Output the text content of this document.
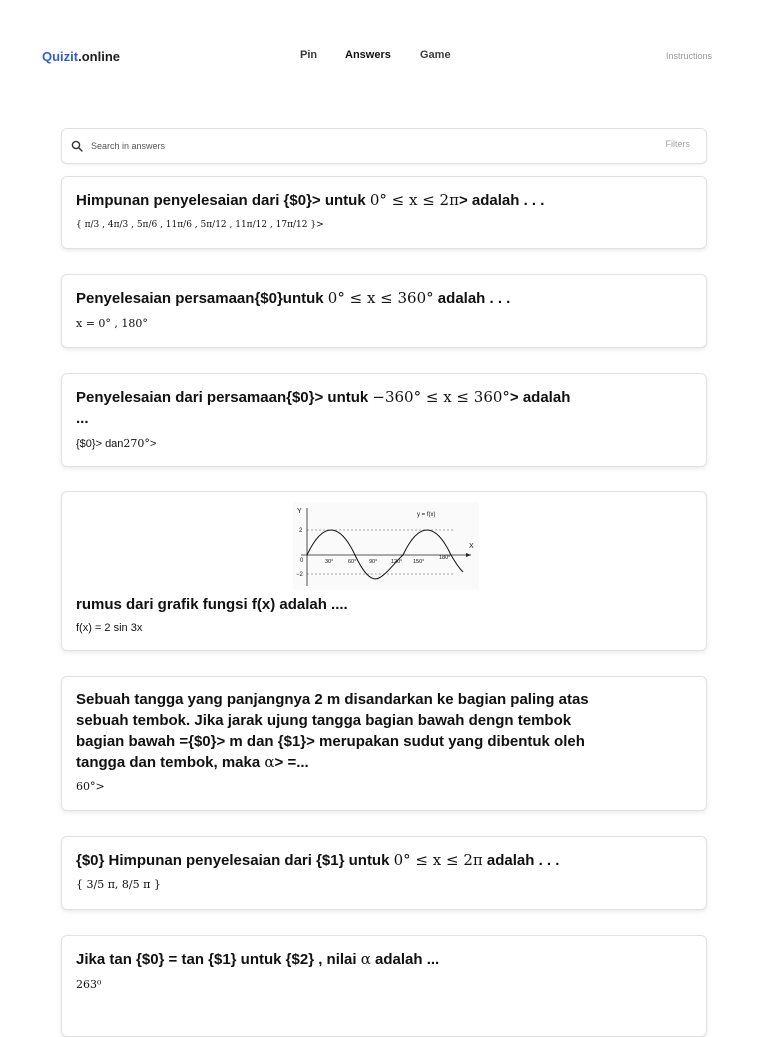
Quizit.online	Pin	Answers	Game	Instructions
Search in answers
Filters
Himpunan penyelesaian dari {$0}> untuk 0° ≤ x ≤ 2π> adalah . . .
{ π/3 , 4π/3 , 5π/6 , 11π/6 , 5π/12 , 11π/12 , 17π/12 }>
Penyelesaian persamaan{$0}untuk 0° ≤ x ≤ 360° adalah . . .
x = 0° , 180°
Penyelesaian dari persamaan{$0}> untuk −360° ≤ x ≤ 360°> adalah
...
{$0}> dan270°>
Y
X
y = f(x)
2
0
−2
30°	60° 90° 120° 150°
180°
rumus dari grafik fungsi f(x) adalah ....
f(x) = 2 sin 3x
Sebuah tangga yang panjangnya 2 m disandarkan ke bagian paling atas
sebuah tembok. Jika jarak ujung tangga bagian bawah dengn tembok
bagian bawah ={$0}> m dan {$1}> merupakan sudut yang dibentuk oleh
tangga dan tembok, maka α> =...
60°>
{$0} Himpunan penyelesaian dari {$1} untuk 0° ≤ x ≤ 2π adalah . . .
{ 3/5 π, 8/5 π }
Jika tan {$0} = tan {$1} untuk {$2} , nilai α adalah ...
263⁰
